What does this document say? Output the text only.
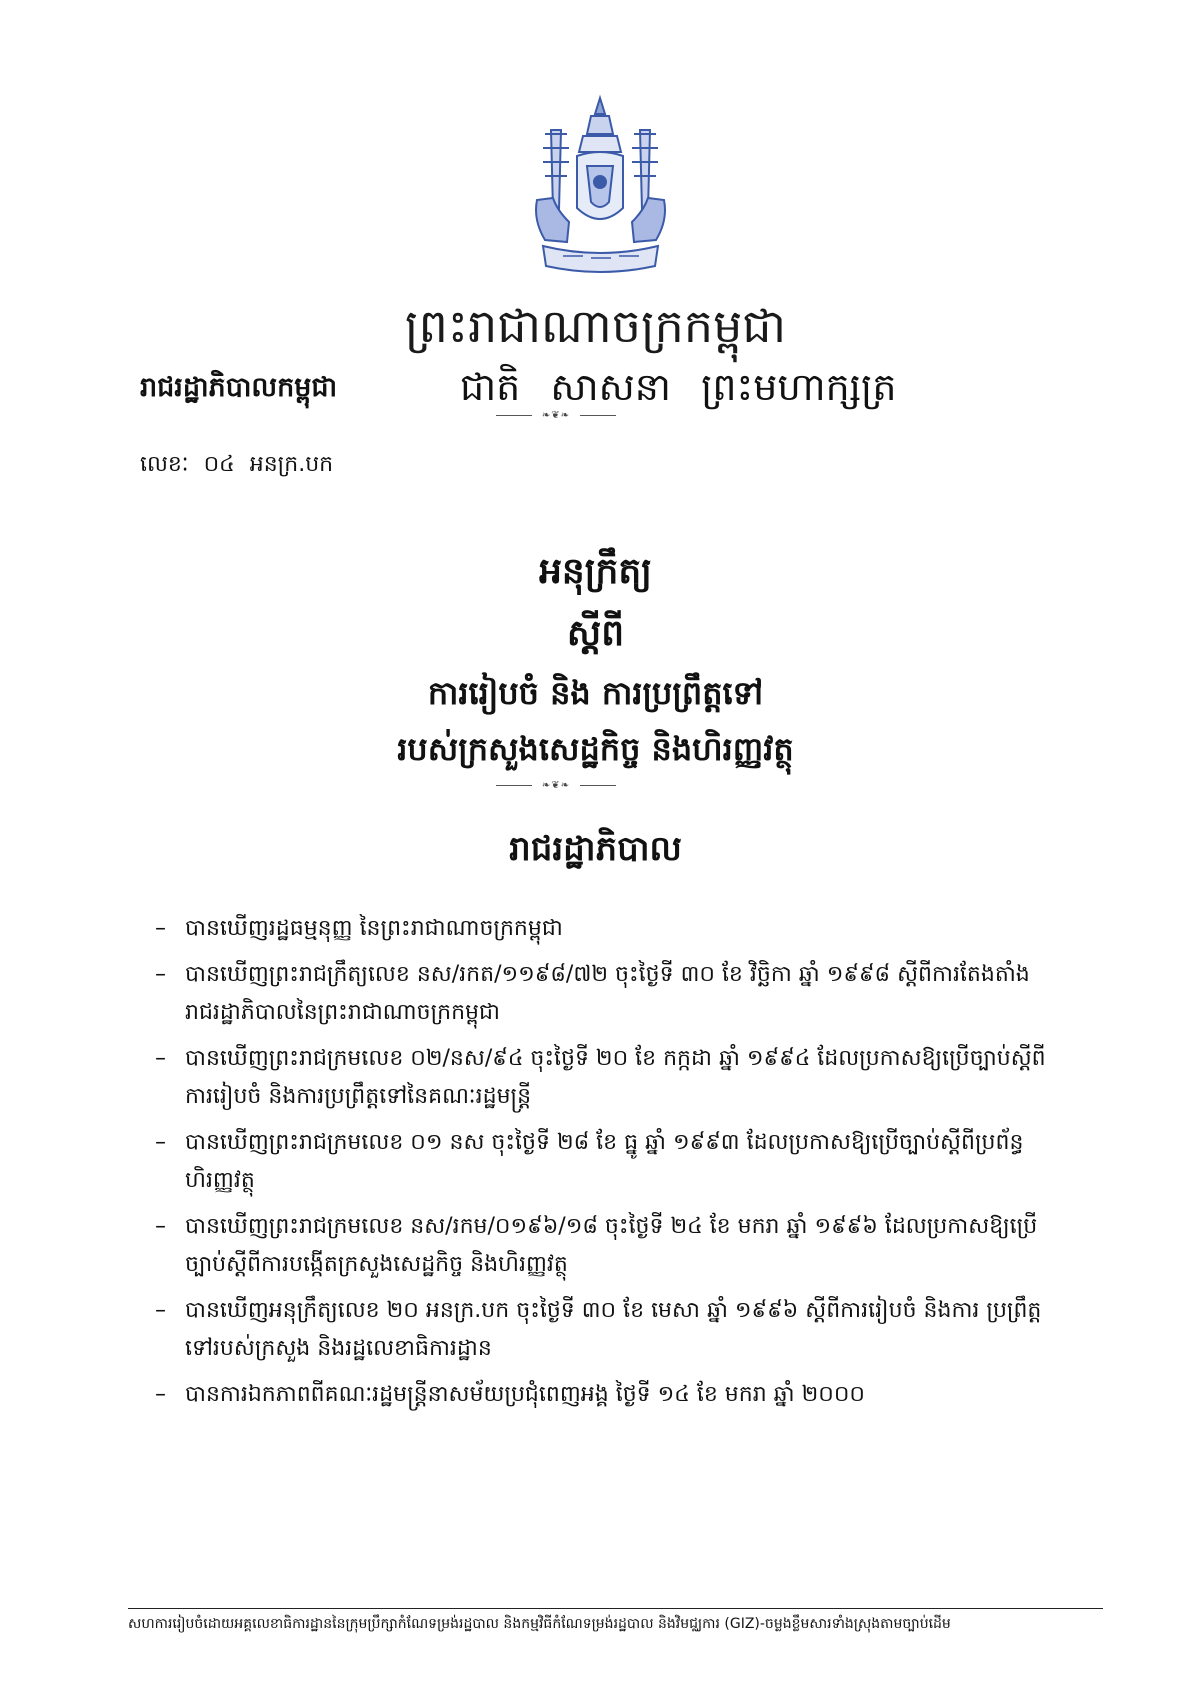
ព្រះរាជាណាចក្រកម្ពុជា
រាជរដ្ឋាភិបាលកម្ពុជា	ជាតិ សាសនា ព្រះមហាក្សត្រ
❧❦❧
លេខៈ ០៤ អនក្រ.បក
អនុក្រឹត្យ
ស្តីពី
ការរៀបចំ និង ការប្រព្រឹត្តទៅ
របស់ក្រសួងសេដ្ឋកិច្ច និងហិរញ្ញវត្ថុ
❧❦❧
រាជរដ្ឋាភិបាល
– បានឃើញរដ្ឋធម្មនុញ្ញ នៃព្រះរាជាណាចក្រកម្ពុជា
– បានឃើញព្រះរាជក្រឹត្យលេខ នស/រកត/១១៩៨/៧២ ចុះថ្ងៃទី ៣០ ខែ វិច្ឆិកា ឆ្នាំ ១៩៩៨ ស្តីពីការតែងតាំង រាជរដ្ឋាភិបាលនៃព្រះរាជាណាចក្រកម្ពុជា
– បានឃើញព្រះរាជក្រមលេខ ០២/នស/៩៤ ចុះថ្ងៃទី ២០ ខែ កក្កដា ឆ្នាំ ១៩៩៤ ដែលប្រកាសឱ្យប្រើច្បាប់ស្តីពី ការរៀបចំ និងការប្រព្រឹត្តទៅនៃគណៈរដ្ឋមន្ត្រី
– បានឃើញព្រះរាជក្រមលេខ ០១ នស ចុះថ្ងៃទី ២៨ ខែ ធ្នូ ឆ្នាំ ១៩៩៣ ដែលប្រកាសឱ្យប្រើច្បាប់ស្តីពីប្រព័ន្ធ ហិរញ្ញវត្ថុ
– បានឃើញព្រះរាជក្រមលេខ នស/រកម/០១៩៦/១៨ ចុះថ្ងៃទី ២៤ ខែ មករា ឆ្នាំ ១៩៩៦ ដែលប្រកាសឱ្យប្រើ ច្បាប់ស្តីពីការបង្កើតក្រសួងសេដ្ឋកិច្ច និងហិរញ្ញវត្ថុ
– បានឃើញអនុក្រឹត្យលេខ ២០ អនក្រ.បក ចុះថ្ងៃទី ៣០ ខែ មេសា ឆ្នាំ ១៩៩៦ ស្តីពីការរៀបចំ និងការ ប្រព្រឹត្តទៅរបស់ក្រសួង និងរដ្ឋលេខាធិការដ្ឋាន
– បានការឯកភាពពីគណៈរដ្ឋមន្ត្រីនាសម័យប្រជុំពេញអង្គ ថ្ងៃទី ១៤ ខែ មករា ឆ្នាំ ២០០០
សហការរៀបចំដោយអគ្គលេខាធិការដ្ឋាននៃក្រុមប្រឹក្សាកំណែទម្រង់រដ្ឋបាល និងកម្មវិធីកំណែទម្រង់រដ្ឋបាល និងវិមជ្ឈការ (GIZ)-ចម្លងខ្លឹមសារទាំងស្រុងតាមច្បាប់ដើម
